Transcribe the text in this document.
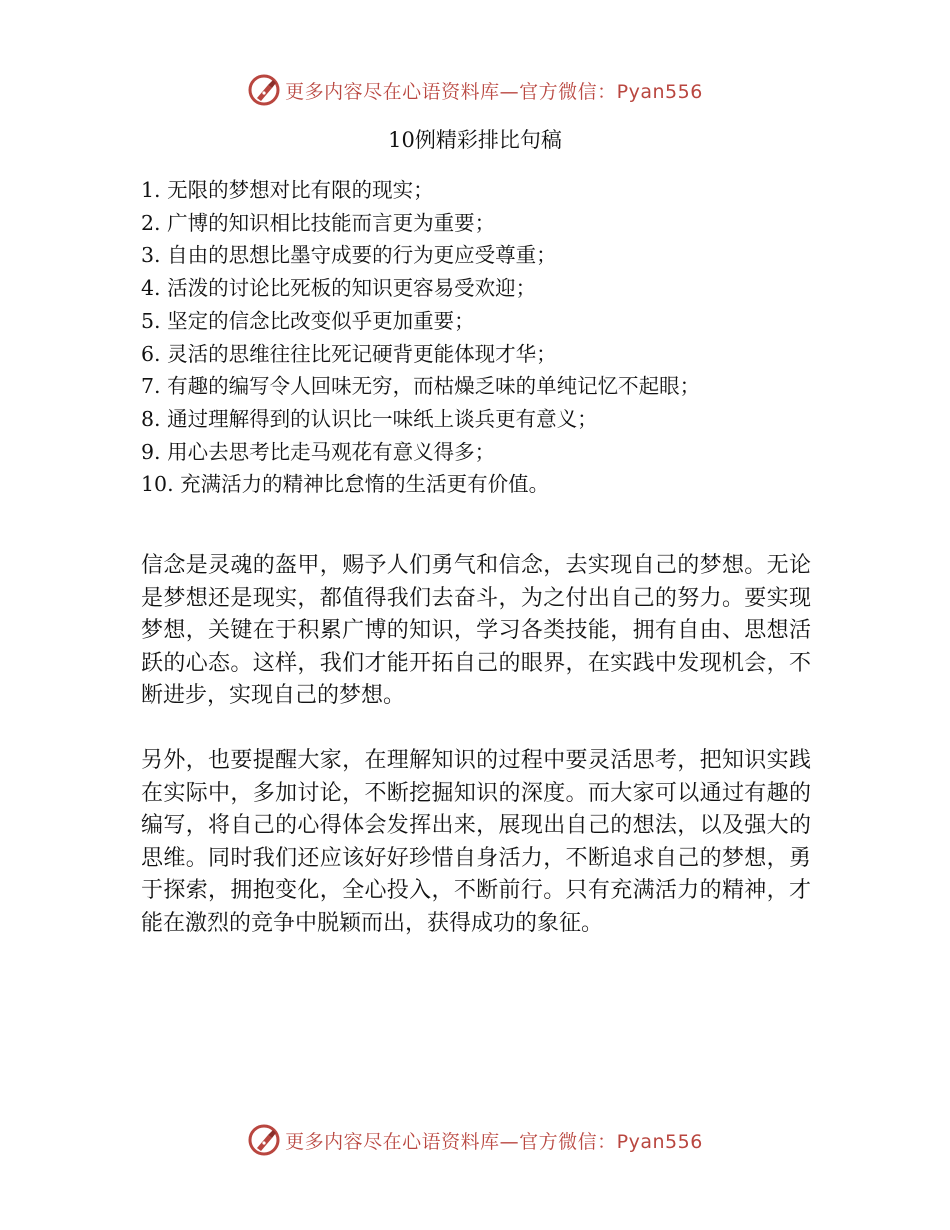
更多内容尽在心语资料库—官方微信：Pyan556
10例精彩排比句稿
1. 无限的梦想对比有限的现实；
2. 广博的知识相比技能而言更为重要；
3. 自由的思想比墨守成要的行为更应受尊重；
4. 活泼的讨论比死板的知识更容易受欢迎；
5. 坚定的信念比改变似乎更加重要；
6. 灵活的思维往往比死记硬背更能体现才华；
7. 有趣的编写令人回味无穷，而枯燥乏味的单纯记忆不起眼；
8. 通过理解得到的认识比一味纸上谈兵更有意义；
9. 用心去思考比走马观花有意义得多；
10. 充满活力的精神比怠惰的生活更有价值。

信念是灵魂的盔甲，赐予人们勇气和信念，去实现自己的梦想。无论是梦想还是现实，都值得我们去奋斗，为之付出自己的努力。要实现梦想，关键在于积累广博的知识，学习各类技能，拥有自由、思想活跃的心态。这样，我们才能开拓自己的眼界，在实践中发现机会，不断进步，实现自己的梦想。

另外，也要提醒大家，在理解知识的过程中要灵活思考，把知识实践在实际中，多加讨论，不断挖掘知识的深度。而大家可以通过有趣的编写，将自己的心得体会发挥出来，展现出自己的想法，以及强大的思维。同时我们还应该好好珍惜自身活力，不断追求自己的梦想，勇于探索，拥抱变化，全心投入，不断前行。只有充满活力的精神，才能在激烈的竞争中脱颖而出，获得成功的象征。

更多内容尽在心语资料库—官方微信：Pyan556
